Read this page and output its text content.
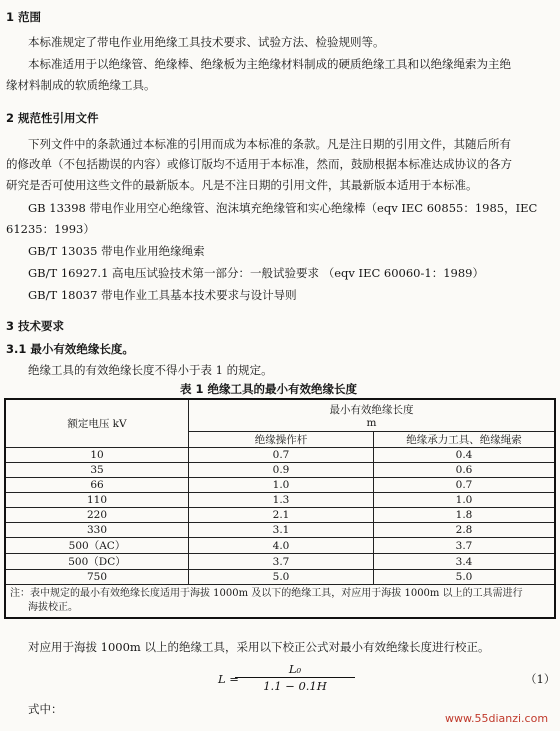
1 范围
本标准规定了带电作业用绝缘工具技术要求、试验方法、检验规则等。
本标准适用于以绝缘管、绝缘棒、绝缘板为主绝缘材料制成的硬质绝缘工具和以绝缘绳索为主绝
缘材料制成的软质绝缘工具。
2 规范性引用文件
下列文件中的条款通过本标准的引用而成为本标准的条款。凡是注日期的引用文件，其随后所有
的修改单（不包括勘误的内容）或修订版均不适用于本标准，然而，鼓励根据本标准达成协议的各方
研究是否可使用这些文件的最新版本。凡是不注日期的引用文件，其最新版本适用于本标准。
GB 13398 带电作业用空心绝缘管、泡沫填充绝缘管和实心绝缘棒（eqv IEC 60855：1985，IEC
61235：1993）
GB/T 13035 带电作业用绝缘绳索
GB/T 16927.1 高电压试验技术第一部分：一般试验要求 （eqv IEC 60060-1：1989）
GB/T 18037 带电作业工具基本技术要求与设计导则
3 技术要求
3.1 最小有效绝缘长度。
绝缘工具的有效绝缘长度不得小于表 1 的规定。
表 1 绝缘工具的最小有效绝缘长度
额定电压 kV	最小有效绝缘长度
m	

	绝缘操作杆	绝缘承力工具、绝缘绳索
10	0.7	0.4
35	0.9	0.6
66	1.0	0.7
110	1.3	1.0
220	2.1	1.8
330	3.1	2.8
500（AC）	4.0	3.7
500（DC）	3.7	3.4
750	5.0	5.0

注：表中规定的最小有效绝缘长度适用于海拔 1000m 及以下的绝缘工具，对应用于海拔 1000m 以上的工具需进行
海拔校正。		
对应用于海拔 1000m 以上的绝缘工具，采用以下校正公式对最小有效绝缘长度进行校正。
L =
$\frac{\text{L₀}}{1.1 - 0.1H}$	（1）
式中：
www.55dianzi.com
